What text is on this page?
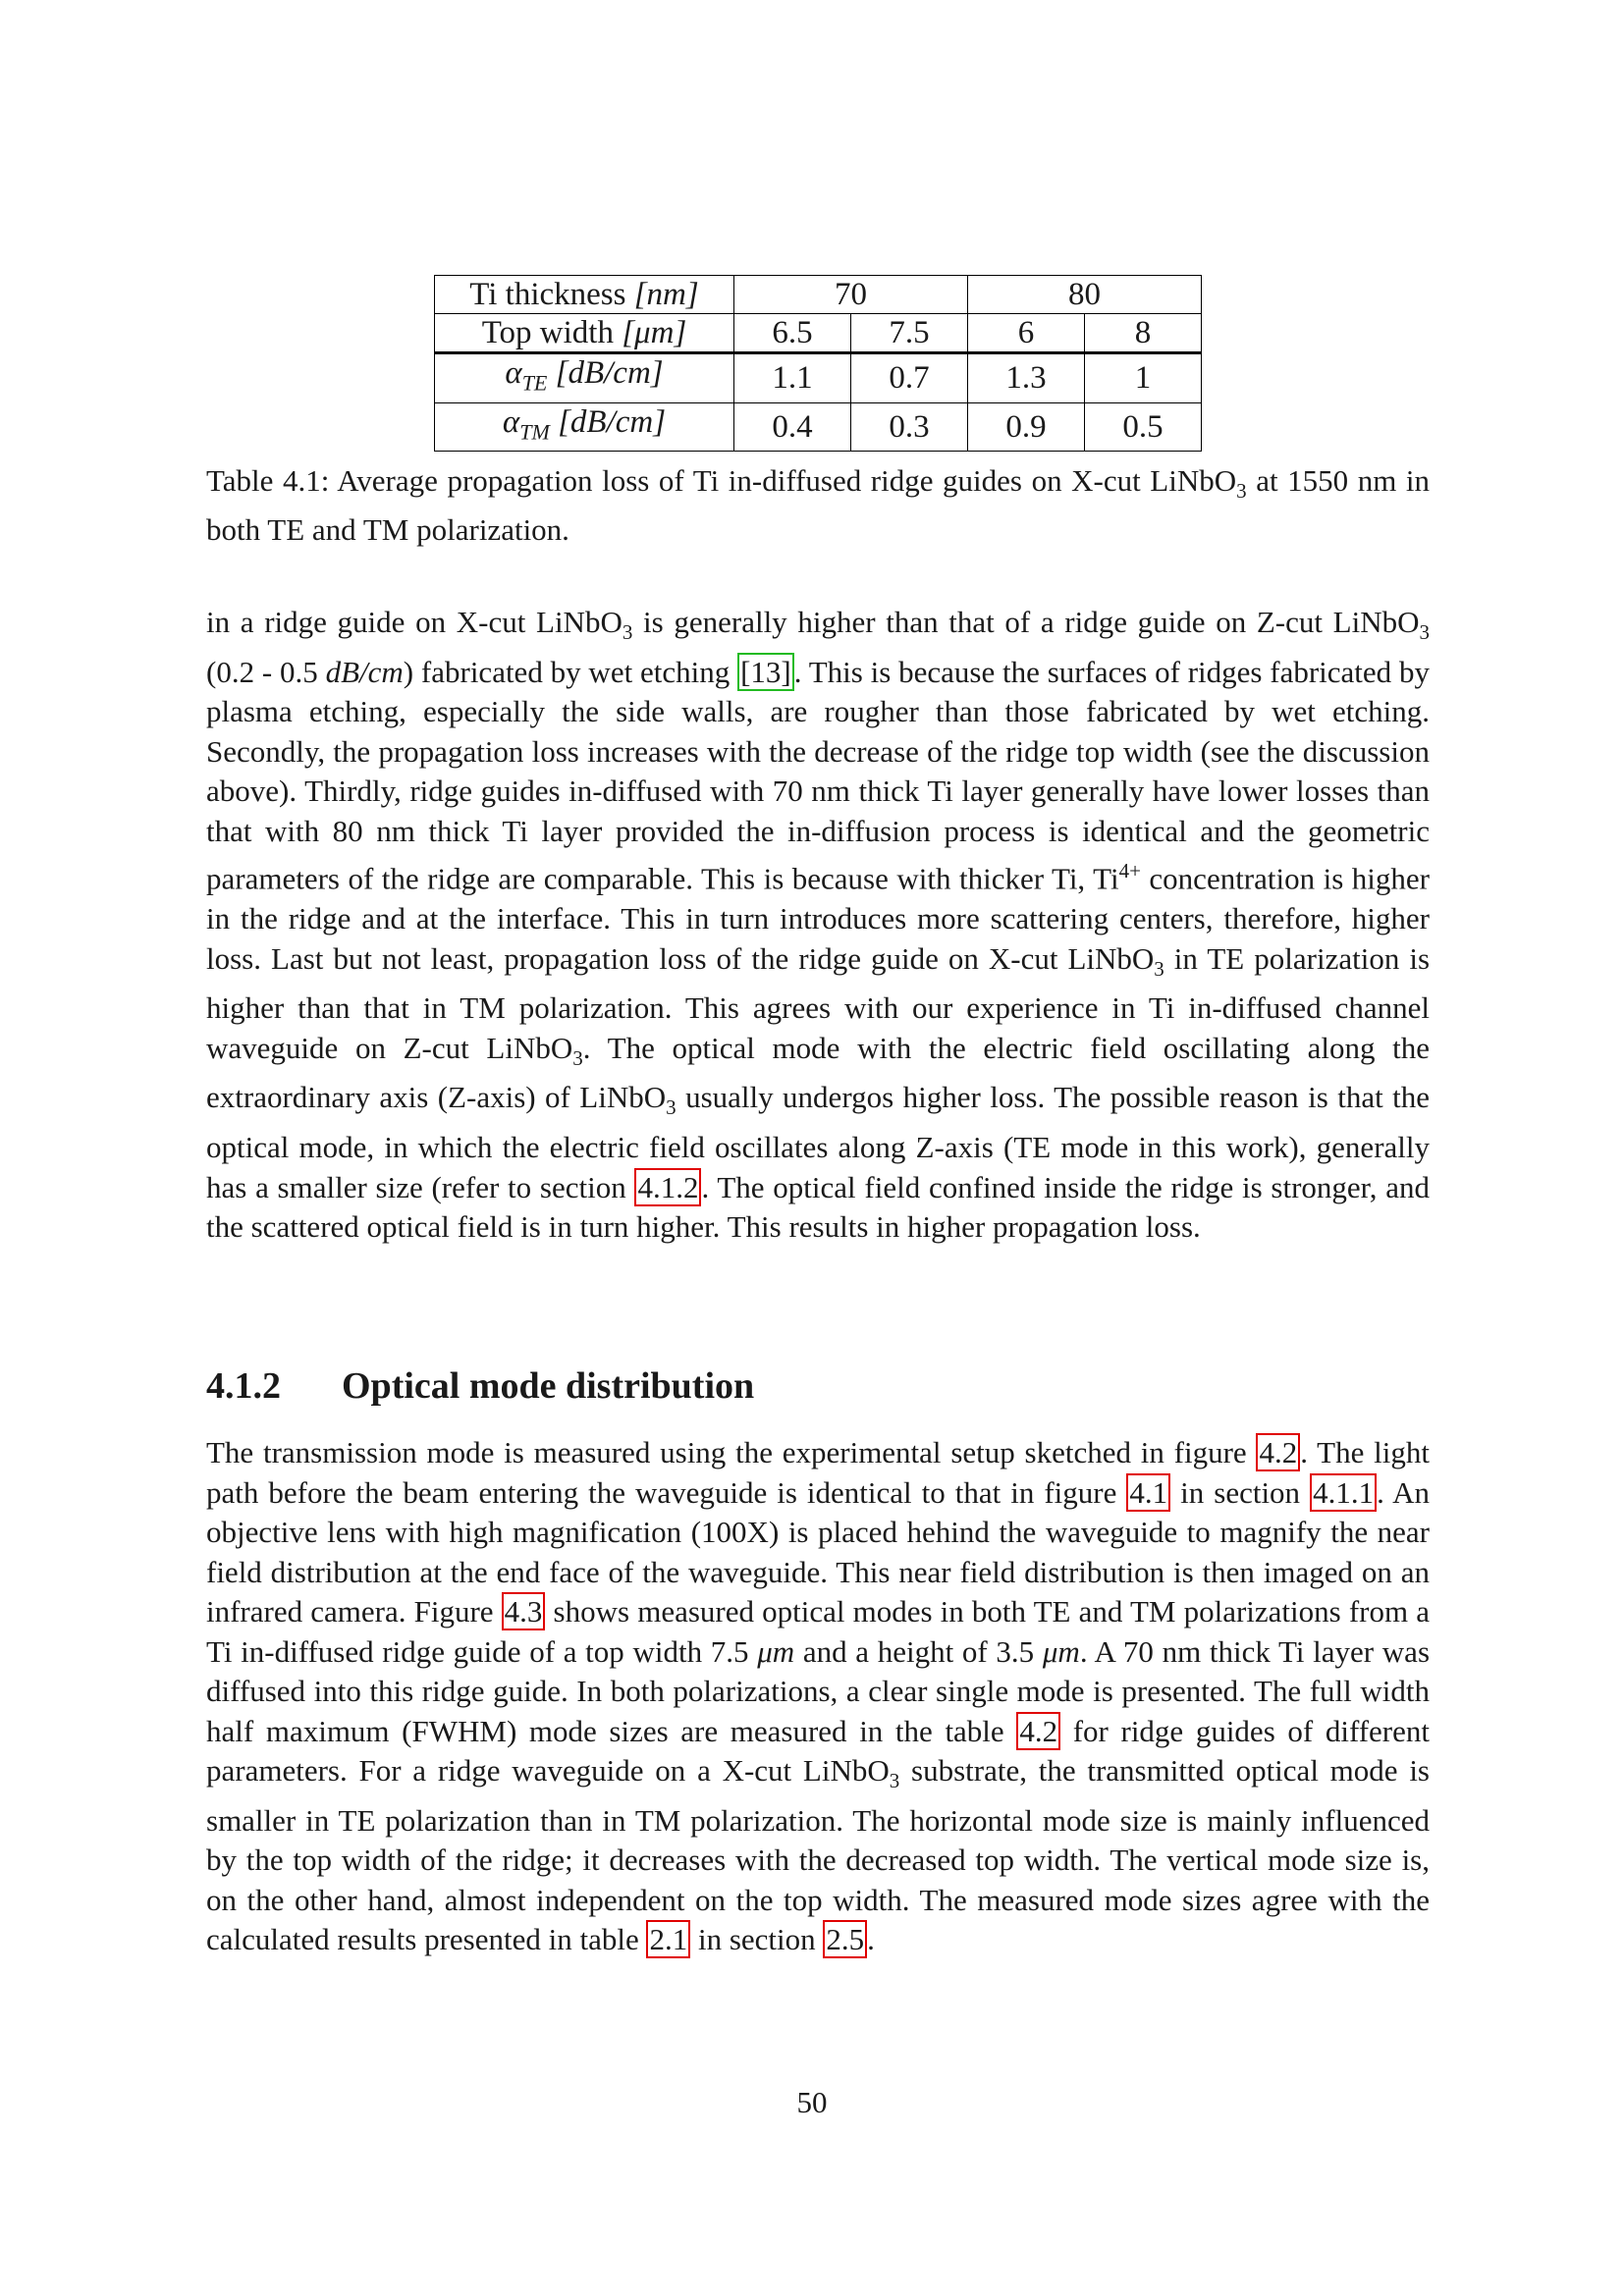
Ti thickness [nm]	70		80	
Top width [μm]	6.5	7.5	6	8
$\alpha_{TE}$ [dB/cm]	1.1	0.7	1.3	1
$\alpha_{TM}$ [dB/cm]	0.4	0.3	0.9	0.5
Table 4.1: Average propagation loss of Ti in-diffused ridge guides on X-cut LiNbO$_3$ at 1550 nm in both TE and TM polarization.

in a ridge guide on X-cut LiNbO$_3$ is generally higher than that of a ridge guide on Z-cut LiNbO$_3$ (0.2 - 0.5 dB/cm) fabricated by wet etching [13]. This is because the surfaces of ridges fabricated by plasma etching, especially the side walls, are rougher than those fabricated by wet etching. Secondly, the propagation loss increases with the decrease of the ridge top width (see the discussion above). Thirdly, ridge guides in-diffused with 70 nm thick Ti layer generally have lower losses than that with 80 nm thick Ti layer provided the in-diffusion process is identical and the geometric parameters of the ridge are comparable. This is because with thicker Ti, $Ti^{4+}$ concentration is higher in the ridge and at the interface. This in turn introduces more scattering centers, therefore, higher loss. Last but not least, propagation loss of the ridge guide on X-cut LiNbO$_3$ in TE polarization is higher than that in TM polarization. This agrees with our experience in Ti in-diffused channel waveguide on Z-cut LiNbO$_3$. The optical mode with the electric field oscillating along the extraordinary axis (Z-axis) of LiNbO$_3$ usually undergos higher loss. The possible reason is that the optical mode, in which the electric field oscillates along Z-axis (TE mode in this work), generally has a smaller size (refer to section 4.1.2. The optical field confined inside the ridge is stronger, and the scattered optical field is in turn higher. This results in higher propagation loss.

4.1.2 Optical mode distribution

The transmission mode is measured using the experimental setup sketched in figure 4.2. The light path before the beam entering the waveguide is identical to that in figure 4.1 in section 4.1.1. An objective lens with high magnification (100X) is placed hehind the waveguide to magnify the near field distribution at the end face of the waveguide. This near field distribution is then imaged on an infrared camera. Figure 4.3 shows measured optical modes in both TE and TM polarizations from a Ti in-diffused ridge guide of a top width 7.5 μm and a height of 3.5 μm. A 70 nm thick Ti layer was diffused into this ridge guide. In both polarizations, a clear single mode is presented. The full width half maximum (FWHM) mode sizes are measured in the table 4.2 for ridge guides of different parameters. For a ridge waveguide on a X-cut LiNbO$_3$ substrate, the transmitted optical mode is smaller in TE polarization than in TM polarization. The horizontal mode size is mainly influenced by the top width of the ridge; it decreases with the decreased top width. The vertical mode size is, on the other hand, almost independent on the top width. The measured mode sizes agree with the calculated results presented in table 2.1 in section 2.5.

50
